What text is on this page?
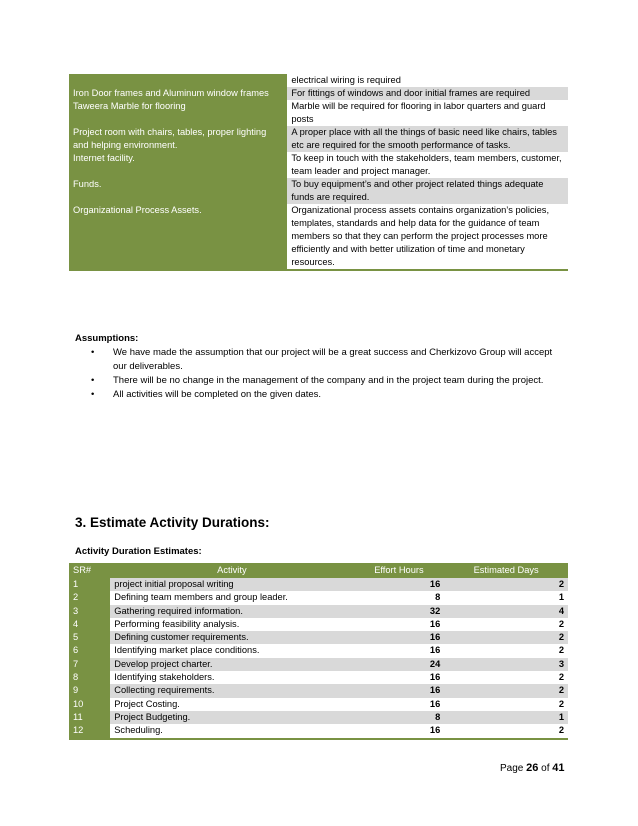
	electrical wiring is required
Iron Door frames and Aluminum window frames	For fittings of windows and door initial frames are required
Taweera Marble for flooring	Marble will be required for flooring in labor quarters and guard posts
Project room with chairs, tables, proper lighting and helping environment.	A proper place with all the things of basic need like chairs, tables etc are required for the smooth performance of tasks.
Internet facility.	To keep in touch with the stakeholders, team members, customer, team leader and project manager.
Funds.	To buy equipment’s and other project related things adequate funds are required.
Organizational Process Assets.	Organizational process assets contains organization’s policies, templates, standards and help data for the guidance of team members so that they can perform the project processes more efficiently and with better utilization of time and monetary resources.
Assumptions:
• We have made the assumption that our project will be a great success and Cherkizovo Group will accept our deliverables.
• There will be no change in the management of the company and in the project team during the project.
• All activities will be completed on the given dates.
3. Estimate Activity Durations:
Activity Duration Estimates:
SR#	Activity	Effort Hours	Estimated Days
1	project initial proposal writing	16	2
2	Defining team members and group leader.	8	1
3	Gathering required information.	32	4
4	Performing feasibility analysis.	16	2
5	Defining customer requirements.	16	2
6	Identifying market place conditions.	16	2
7	Develop project charter.	24	3
8	Identifying stakeholders.	16	2
9	Collecting requirements.	16	2
10	Project Costing.	16	2
11	Project Budgeting.	8	1
12	Scheduling.	16	2
Page 26 of 41
